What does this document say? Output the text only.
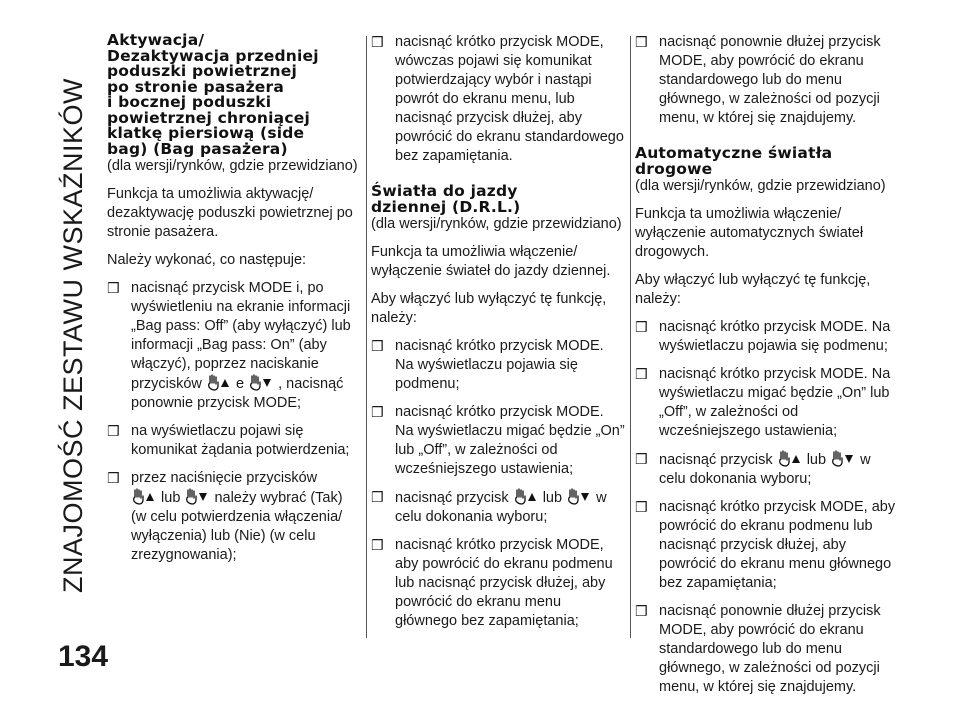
ZNAJOMOŚĆ ZESTAWU WSKAŹNIKÓW
134
Aktywacja/
Dezaktywacja przedniej
poduszki powietrznej
po stronie pasażera
i bocznej poduszki
powietrznej chroniącej
klatkę piersiową (side
bag) (Bag pasażera)
(dla wersji/rynków, gdzie przewidziano)

Funkcja ta umożliwia aktywację/ dezaktywację poduszki powietrznej po stronie pasażera.

Należy wykonać, co następuje:

❒ nacisnąć przycisk MODE i, po wyświetleniu na ekranie informacji „Bag pass: Off” (aby wyłączyć) lub informacji „Bag pass: On” (aby włączyć), poprzez naciskanie przycisków e , nacisnąć ponownie przycisk MODE;
❒ na wyświetlaczu pojawi się komunikat żądania potwierdzenia;
❒ przez naciśnięcie przycisków

lub należy wybrać (Tak) (w celu potwierdzenia włączenia/ wyłączenia) lub (Nie) (w celu zrezygnowania);
❒ nacisnąć krótko przycisk MODE, wówczas pojawi się komunikat potwierdzający wybór i nastąpi powrót do ekranu menu, lub nacisnąć przycisk dłużej, aby powrócić do ekranu standardowego bez zapamiętania.
Światła do jazdy
dziennej (D.R.L.)
(dla wersji/rynków, gdzie przewidziano)

Funkcja ta umożliwia włączenie/ wyłączenie świateł do jazdy dziennej.

Aby włączyć lub wyłączyć tę funkcję, należy:

❒ nacisnąć krótko przycisk MODE. Na wyświetlaczu pojawia się podmenu;
❒ nacisnąć krótko przycisk MODE. Na wyświetlaczu migać będzie „On” lub „Off”, w zależności od wcześniejszego ustawienia;
❒ nacisnąć przycisk lub w celu dokonania wyboru;
❒ nacisnąć krótko przycisk MODE, aby powrócić do ekranu podmenu lub nacisnąć przycisk dłużej, aby powrócić do ekranu menu głównego bez zapamiętania;
❒ nacisnąć ponownie dłużej przycisk MODE, aby powrócić do ekranu standardowego lub do menu głównego, w zależności od pozycji menu, w której się znajdujemy.
Automatyczne światła
drogowe
(dla wersji/rynków, gdzie przewidziano)

Funkcja ta umożliwia włączenie/ wyłączenie automatycznych świateł drogowych.

Aby włączyć lub wyłączyć tę funkcję, należy:

❒ nacisnąć krótko przycisk MODE. Na wyświetlaczu pojawia się podmenu;
❒ nacisnąć krótko przycisk MODE. Na wyświetlaczu migać będzie „On” lub „Off”, w zależności od wcześniejszego ustawienia;
❒ nacisnąć przycisk lub w celu dokonania wyboru;
❒ nacisnąć krótko przycisk MODE, aby powrócić do ekranu podmenu lub nacisnąć przycisk dłużej, aby powrócić do ekranu menu głównego bez zapamiętania;
❒ nacisnąć ponownie dłużej przycisk MODE, aby powrócić do ekranu standardowego lub do menu głównego, w zależności od pozycji menu, w której się znajdujemy.
